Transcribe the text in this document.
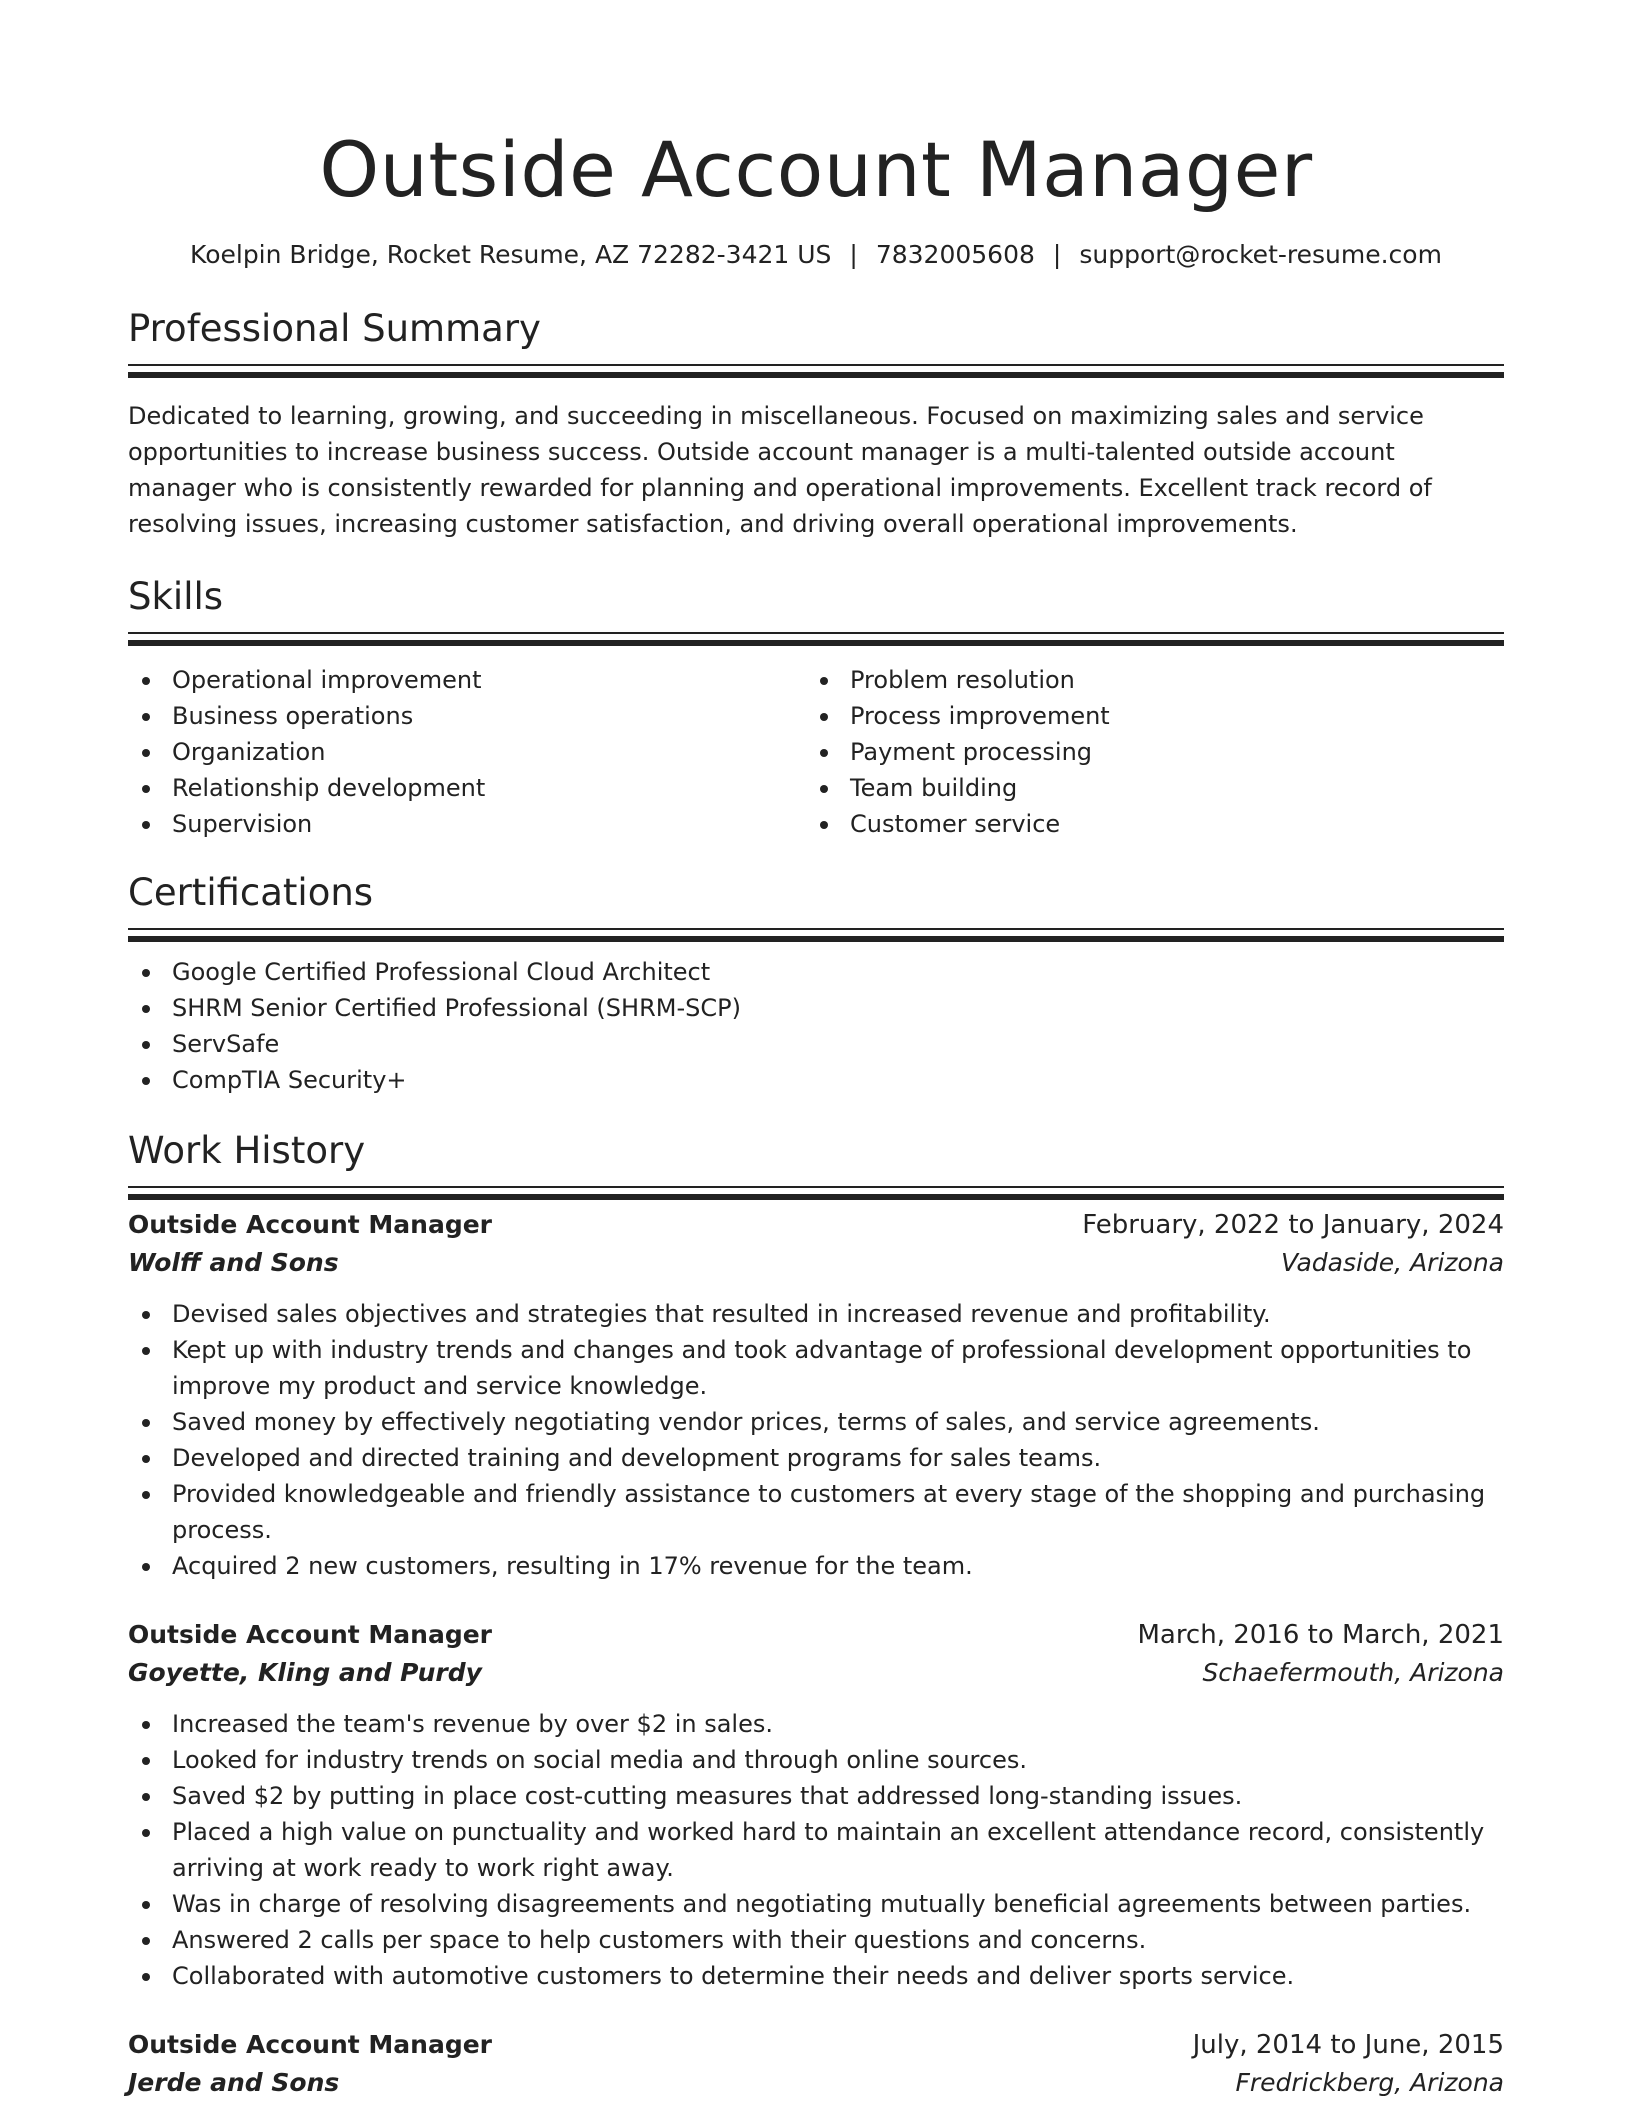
Outside Account Manager
Koelpin Bridge, Rocket Resume, AZ 72282-3421 US | 7832005608 | support@rocket-resume.com
Professional Summary
Dedicated to learning, growing, and succeeding in miscellaneous. Focused on maximizing sales and service opportunities to increase business success. Outside account manager is a multi-talented outside account manager who is consistently rewarded for planning and operational improvements. Excellent track record of resolving issues, increasing customer satisfaction, and driving overall operational improvements.
Skills
Operational improvement
Business operations
Organization
Relationship development
Supervision
Problem resolution
Process improvement
Payment processing
Team building
Customer service
Certifications
Google Certified Professional Cloud Architect
SHRM Senior Certified Professional (SHRM-SCP)
ServSafe
CompTIA Security+
Work History
Outside Account Manager	February, 2022 to January, 2024
Wolff and Sons	Vadaside, Arizona
Devised sales objectives and strategies that resulted in increased revenue and profitability.
Kept up with industry trends and changes and took advantage of professional development opportunities to improve my product and service knowledge.
Saved money by effectively negotiating vendor prices, terms of sales, and service agreements.
Developed and directed training and development programs for sales teams.
Provided knowledgeable and friendly assistance to customers at every stage of the shopping and purchasing process.
Acquired 2 new customers, resulting in 17% revenue for the team.
Outside Account Manager	March, 2016 to March, 2021
Goyette, Kling and Purdy	Schaefermouth, Arizona
Increased the team's revenue by over $2 in sales.
Looked for industry trends on social media and through online sources.
Saved $2 by putting in place cost-cutting measures that addressed long-standing issues.
Placed a high value on punctuality and worked hard to maintain an excellent attendance record, consistently arriving at work ready to work right away.
Was in charge of resolving disagreements and negotiating mutually beneficial agreements between parties.
Answered 2 calls per space to help customers with their questions and concerns.
Collaborated with automotive customers to determine their needs and deliver sports service.
Outside Account Manager	July, 2014 to June, 2015
Jerde and Sons	Fredrickberg, Arizona
